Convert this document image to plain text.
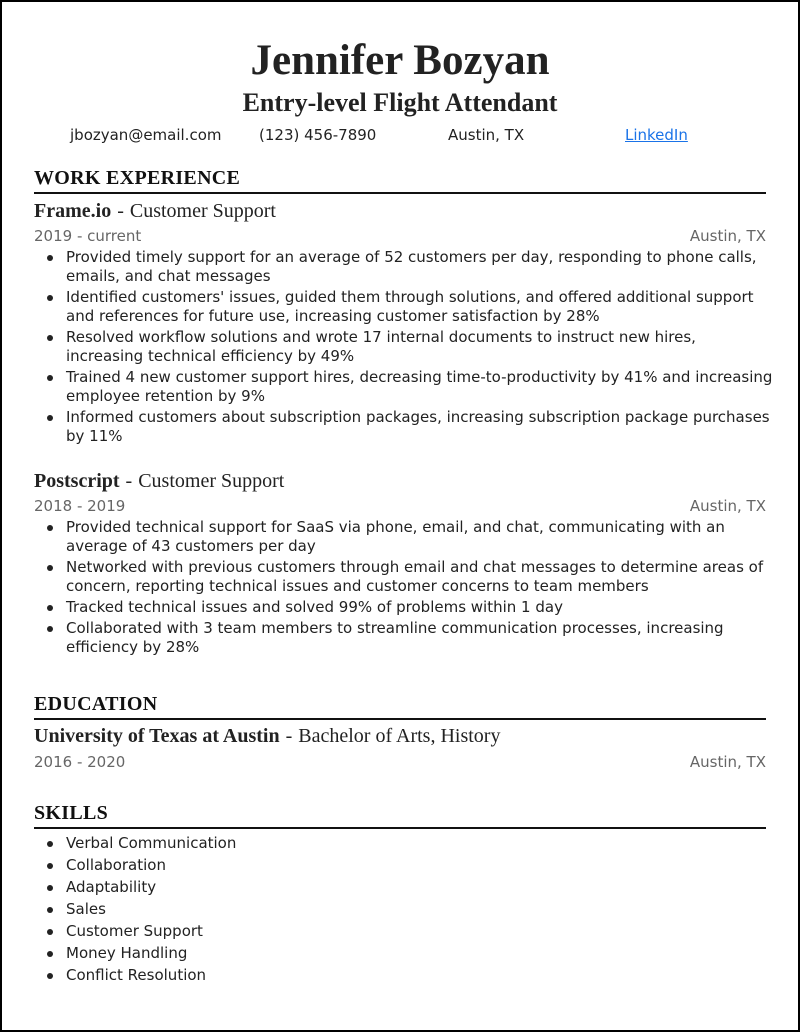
Jennifer Bozyan
Entry-level Flight Attendant
jbozyan@email.com	(123) 456-7890	Austin, TX	LinkedIn
WORK EXPERIENCE
Frame.io - Customer Support
2019 - current	Austin, TX
Provided timely support for an average of 52 customers per day, responding to phone calls, emails, and chat messages
Identified customers' issues, guided them through solutions, and offered additional support and references for future use, increasing customer satisfaction by 28%
Resolved workflow solutions and wrote 17 internal documents to instruct new hires, increasing technical efficiency by 49%
Trained 4 new customer support hires, decreasing time-to-productivity by 41% and increasing employee retention by 9%
Informed customers about subscription packages, increasing subscription package purchases by 11%
Postscript - Customer Support
2018 - 2019	Austin, TX
Provided technical support for SaaS via phone, email, and chat, communicating with an average of 43 customers per day
Networked with previous customers through email and chat messages to determine areas of concern, reporting technical issues and customer concerns to team members
Tracked technical issues and solved 99% of problems within 1 day
Collaborated with 3 team members to streamline communication processes, increasing efficiency by 28%
EDUCATION
University of Texas at Austin - Bachelor of Arts, History
2016 - 2020	Austin, TX
SKILLS
Verbal Communication
Collaboration
Adaptability
Sales
Customer Support
Money Handling
Conflict Resolution
